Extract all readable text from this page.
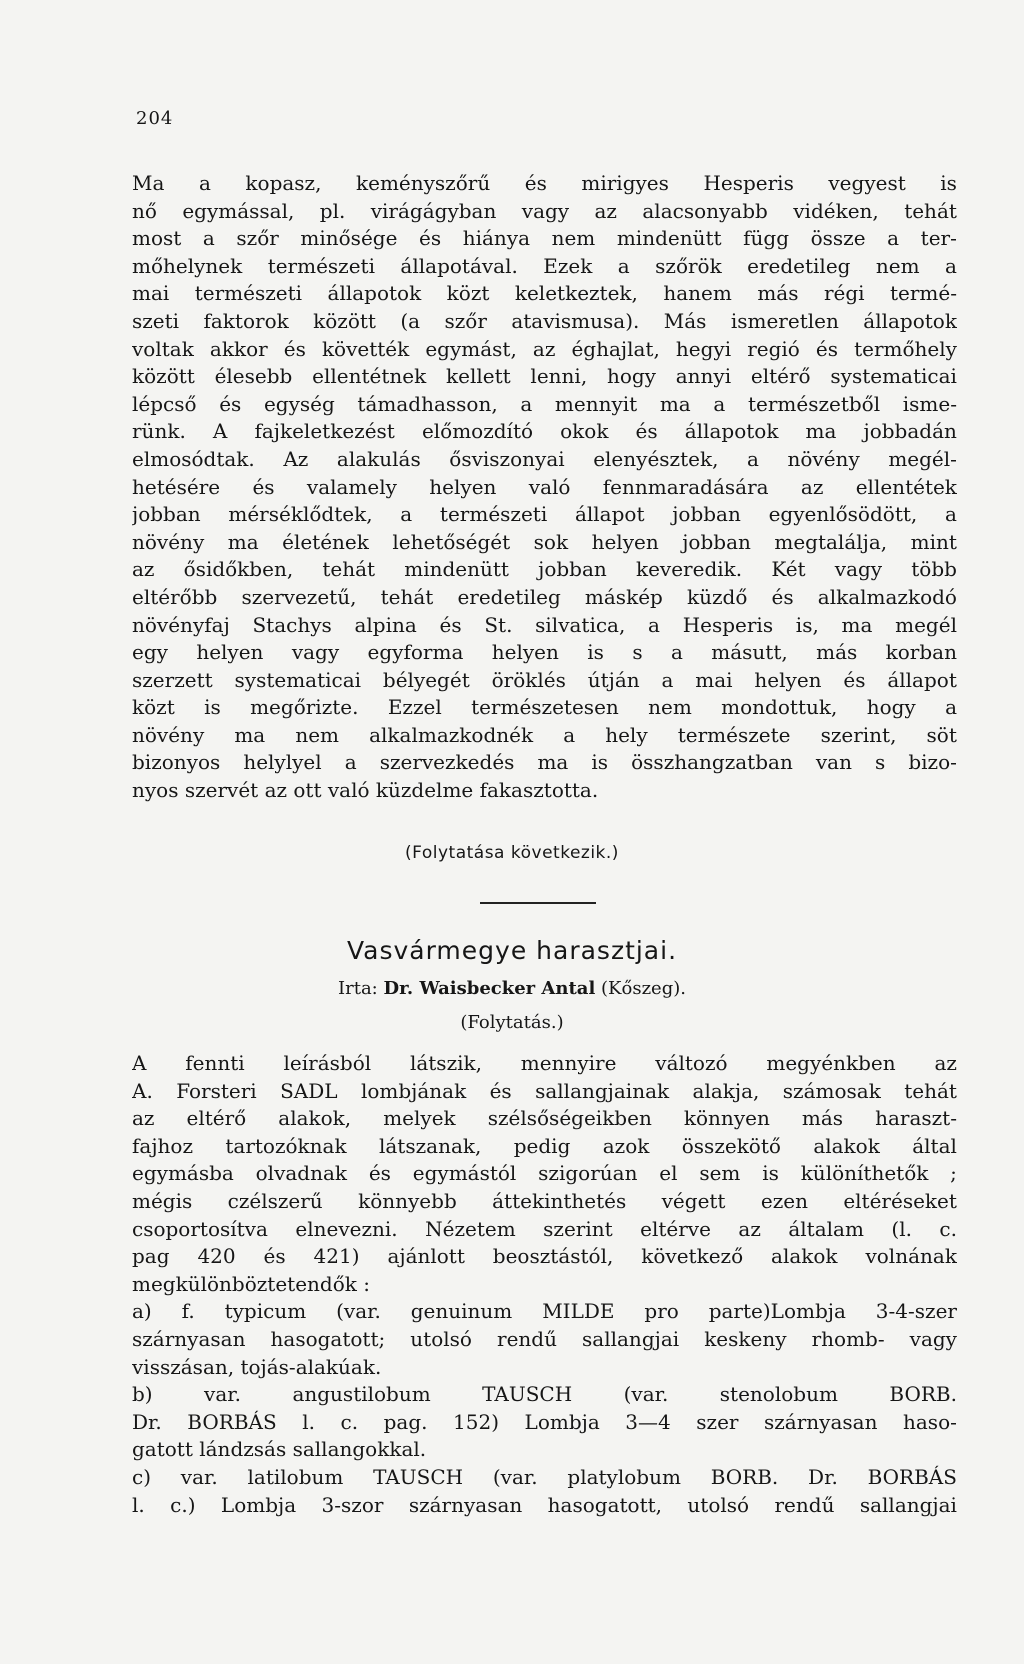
204
Ma a kopasz, keményszőrű és mirigyes Hesperis vegyest is
nő egymással, pl. virágágyban vagy az alacsonyabb vidéken, tehát
most a szőr minősége és hiánya nem mindenütt függ össze a ter-
mőhelynek természeti állapotával. Ezek a szőrök eredetileg nem a
mai természeti állapotok közt keletkeztek, hanem más régi termé-
szeti faktorok között (a szőr atavismusa). Más ismeretlen állapotok
voltak akkor és követték egymást, az éghajlat, hegyi regió és termőhely
között élesebb ellentétnek kellett lenni, hogy annyi eltérő systematicai
lépcső és egység támadhasson, a mennyit ma a természetből isme-
rünk. A fajkeletkezést előmozdító okok és állapotok ma jobbadán
elmosódtak. Az alakulás ősviszonyai elenyésztek, a növény megél-
hetésére és valamely helyen való fennmaradására az ellentétek
jobban mérséklődtek, a természeti állapot jobban egyenlősödött, a
növény ma életének lehetőségét sok helyen jobban megtalálja, mint
az ősidőkben, tehát mindenütt jobban keveredik. Két vagy több
eltérőbb szervezetű, tehát eredetileg máskép küzdő és alkalmazkodó
növényfaj Stachys alpina és St. silvatica, a Hesperis is, ma megél
egy helyen vagy egyforma helyen is s a másutt, más korban
szerzett systematicai bélyegét öröklés útján a mai helyen és állapot
közt is megőrizte. Ezzel természetesen nem mondottuk, hogy a
növény ma nem alkalmazkodnék a hely természete szerint, söt
bizonyos helylyel a szervezkedés ma is összhangzatban van s bizo-
nyos szervét az ott való küzdelme fakasztotta.
(Folytatása következik.)
Vasvármegye harasztjai.
Irta: Dr. Waisbecker Antal (Kőszeg).
(Folytatás.)
A fennti leírásból látszik, mennyire változó megyénkben az
A. Forsteri SADL lombjának és sallangjainak alakja, számosak tehát
az eltérő alakok, melyek szélsőségeikben könnyen más haraszt-
fajhoz tartozóknak látszanak, pedig azok összekötő alakok által
egymásba olvadnak és egymástól szigorúan el sem is különíthetők ;
mégis czélszerű könnyebb áttekinthetés végett ezen eltéréseket
csoportosítva elnevezni. Nézetem szerint eltérve az általam (l. c.
pag 420 és 421) ajánlott beosztástól, következő alakok volnának
megkülönböztetendők :
a) f. typicum (var. genuinum MILDE pro parte)Lombja 3-4-szer
szárnyasan hasogatott; utolsó rendű sallangjai keskeny rhomb- vagy
visszásan, tojás-alakúak.
b)	var.	angustilobum	TAUSCH	(var.	stenolobum	BORB.
Dr. BORBÁS l. c. pag. 152) Lombja 3—4 szer szárnyasan haso-
gatott lándzsás sallangokkal.
c) var. latilobum TAUSCH (var. platylobum BORB. Dr. BORBÁS
l. c.) Lombja 3-szor szárnyasan hasogatott, utolsó rendű sallangjai
